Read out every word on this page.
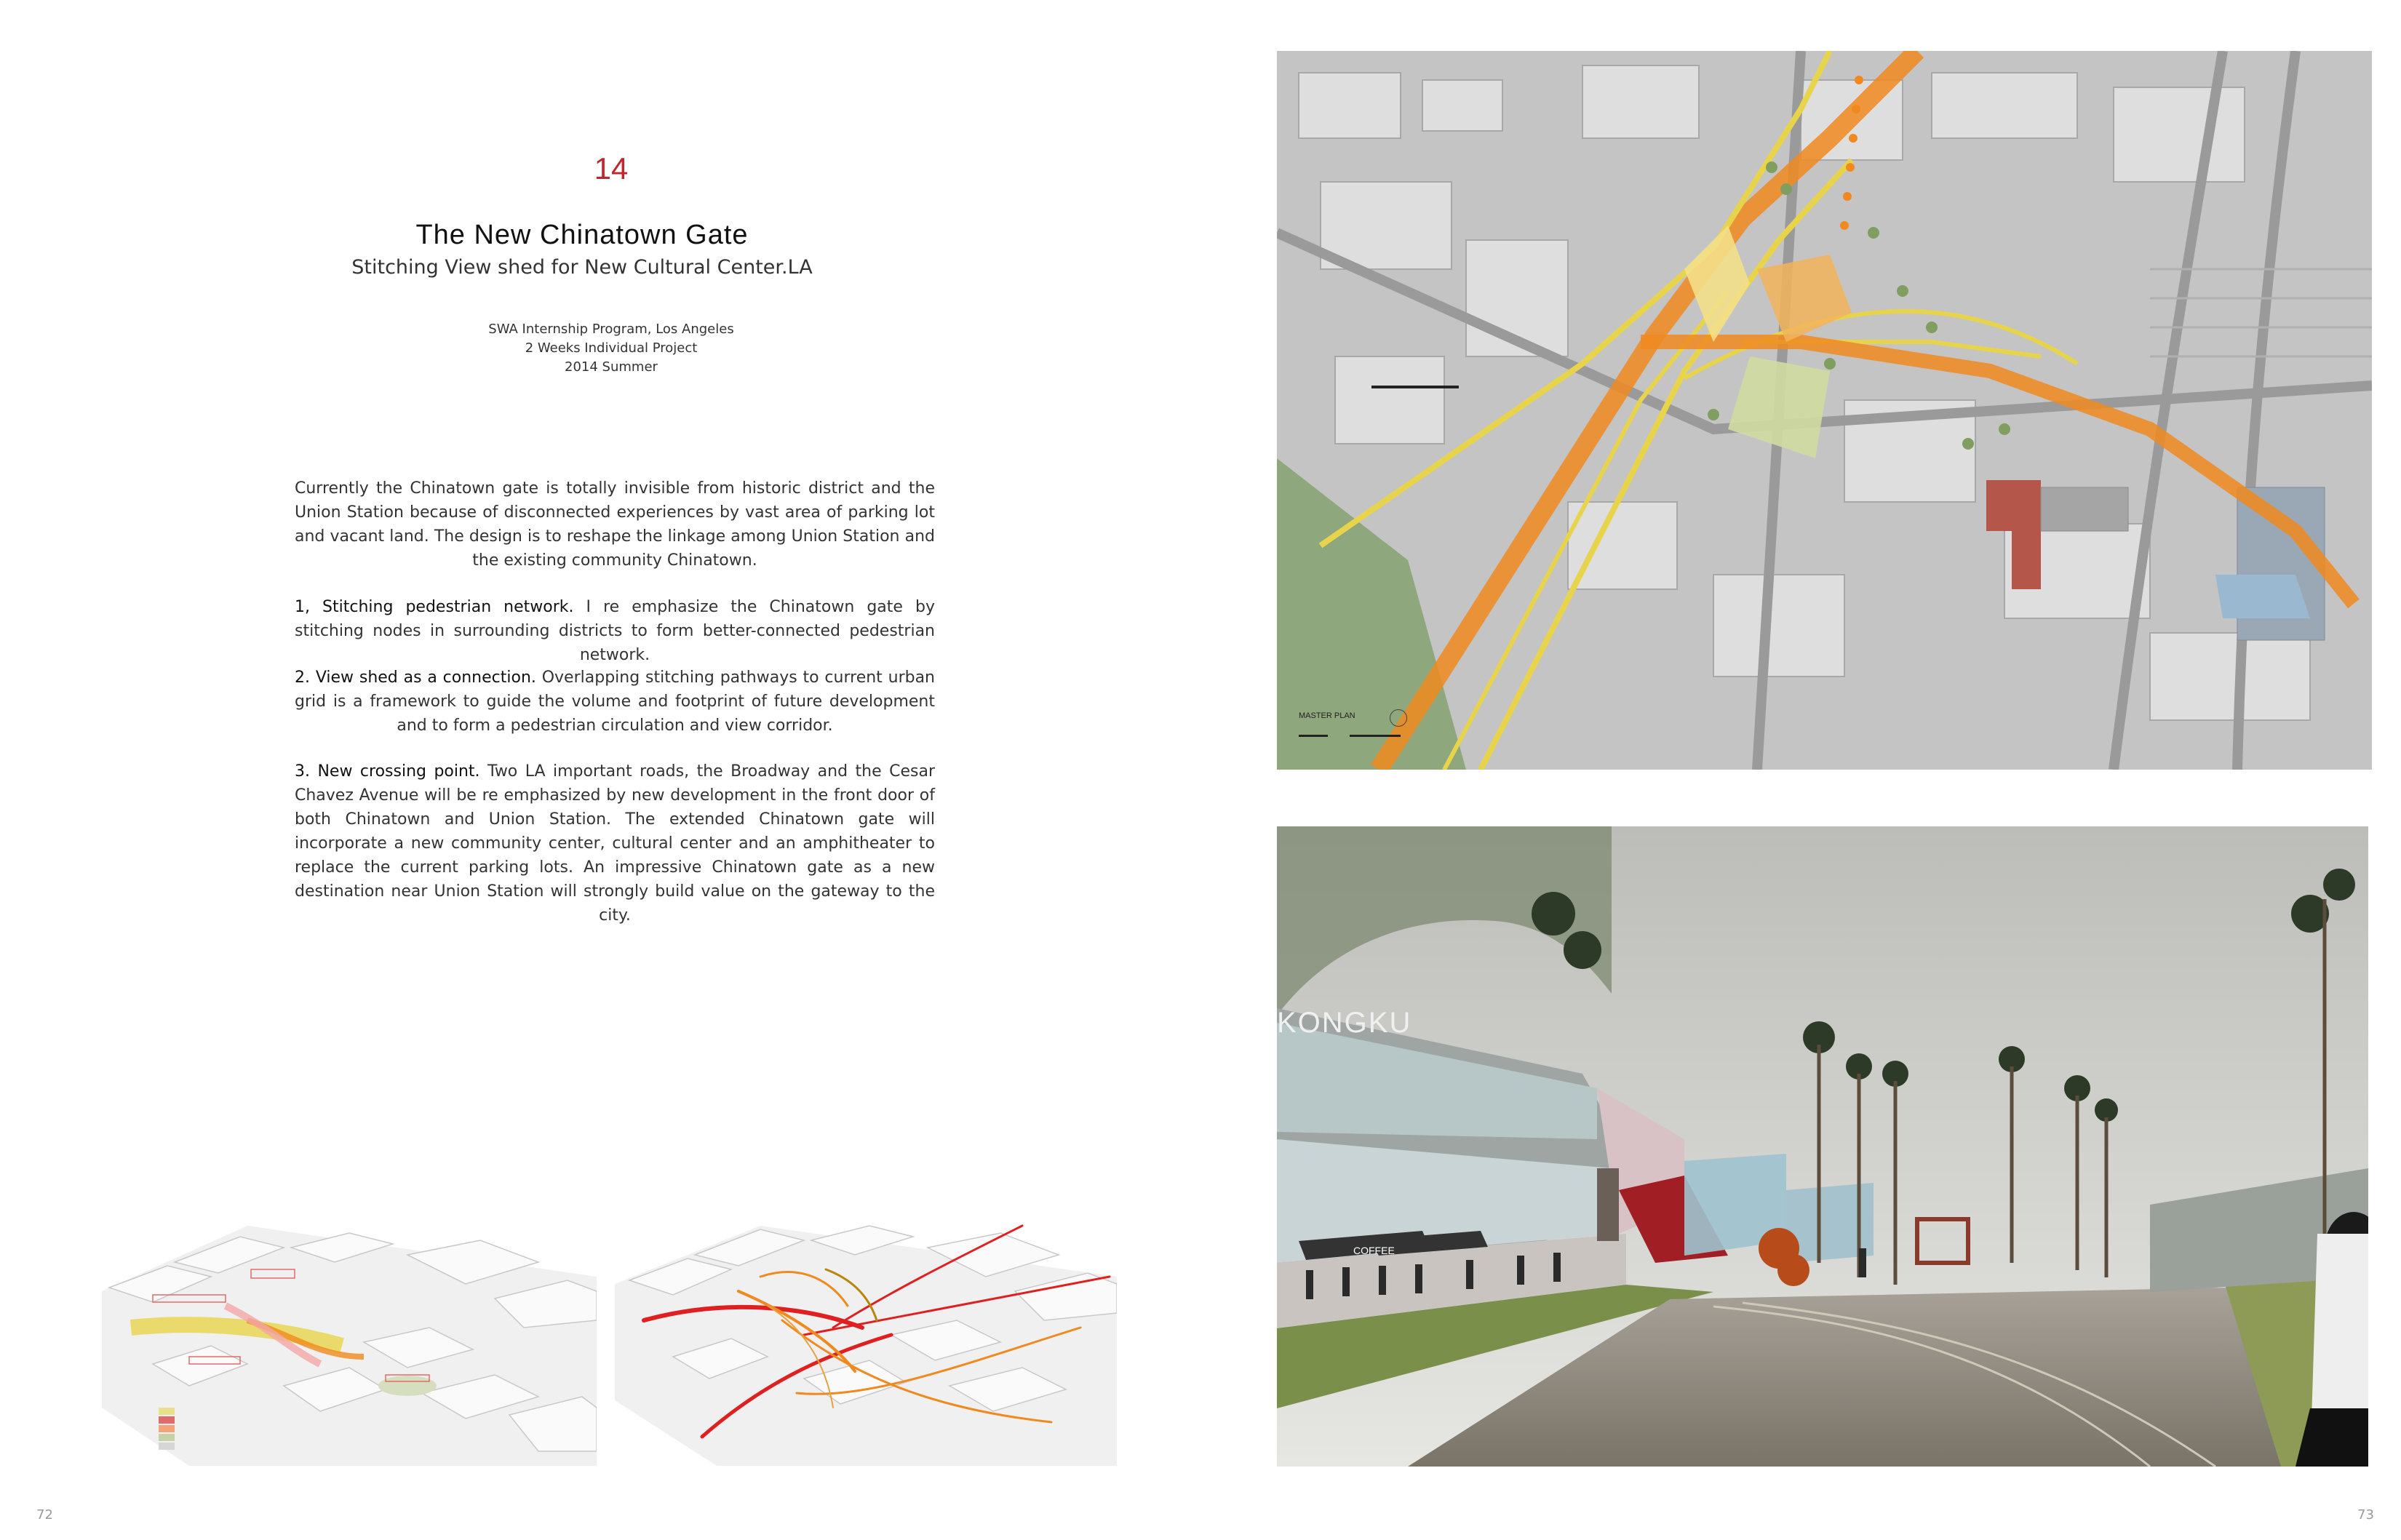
14
The New Chinatown Gate
Stitching View shed for New Cultural Center.LA
SWA Internship Program, Los Angeles
2 Weeks Individual Project
2014 Summer
Currently the Chinatown gate is totally invisible from historic district and the Union Station because of disconnected experiences by vast area of parking lot and vacant land. The design is to reshape the linkage among Union Station and the existing community Chinatown.
1, Stitching pedestrian network. I re emphasize the Chinatown gate by stitching nodes in surrounding districts to form better-connected pedestrian network.
2. View shed as a connection. Overlapping stitching pathways to current urban grid is a framework to guide the volume and footprint of future development and to form a pedestrian circulation and view corridor.
3. New crossing point. Two LA important roads, the Broadway and the Cesar Chavez Avenue will be re emphasized by new development in the front door of both Chinatown and Union Station. The extended Chinatown gate will incorporate a new community center, cultural center and an amphitheater to replace the current parking lots. An impressive Chinatown gate as a new destination near Union Station will strongly build value on the gateway to the city.
MASTER PLAN
KONGKU
COFFEE
72	73
